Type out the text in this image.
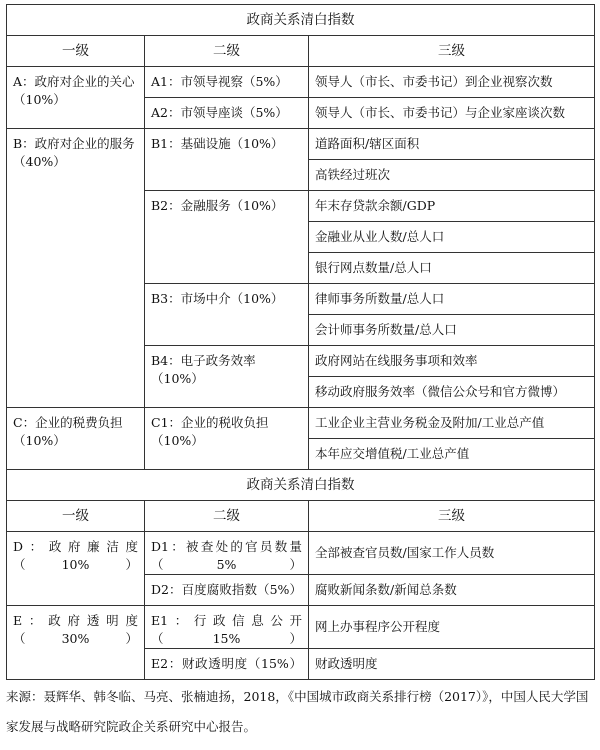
政商关系清白指数		
一级	二级	三级
A：政府对企业的关心（10%）	A1：市领导视察（5%）	领导人（市长、市委书记）到企业视察次数
	A2：市领导座谈（5%）	领导人（市长、市委书记）与企业家座谈次数
B：政府对企业的服务（40%）	B1：基础设施（10%）	道路面积/辖区面积
		高铁经过班次
	B2：金融服务（10%）	年末存贷款余额/GDP
		金融业从业人数/总人口
		银行网点数量/总人口
	B3：市场中介（10%）	律师事务所数量/总人口
		会计师事务所数量/总人口
	B4：电子政务效率（10%）	政府网站在线服务事项和效率
		移动政府服务效率（微信公众号和官方微博）
C：企业的税费负担（10%）	C1：企业的税收负担（10%）	工业企业主营业务税金及附加/工业总产值
		本年应交增值税/工业总产值
政商关系清白指数		
一级	二级	三级
D：政府廉洁度（10%）	D1：被查处的官员数量（5%）	全部被查官员数/国家工作人员数
	D2：百度腐败指数（5%）	腐败新闻条数/新闻总条数
E：政府透明度（30%）	E1：行政信息公开（15%）	网上办事程序公开程度
	E2：财政透明度（15%）	财政透明度

来源：聂辉华、韩冬临、马亮、张楠迪扬，2018，《中国城市政商关系排行榜（2017）》，中国人民大学国家发展与战略研究院政企关系研究中心报告。
